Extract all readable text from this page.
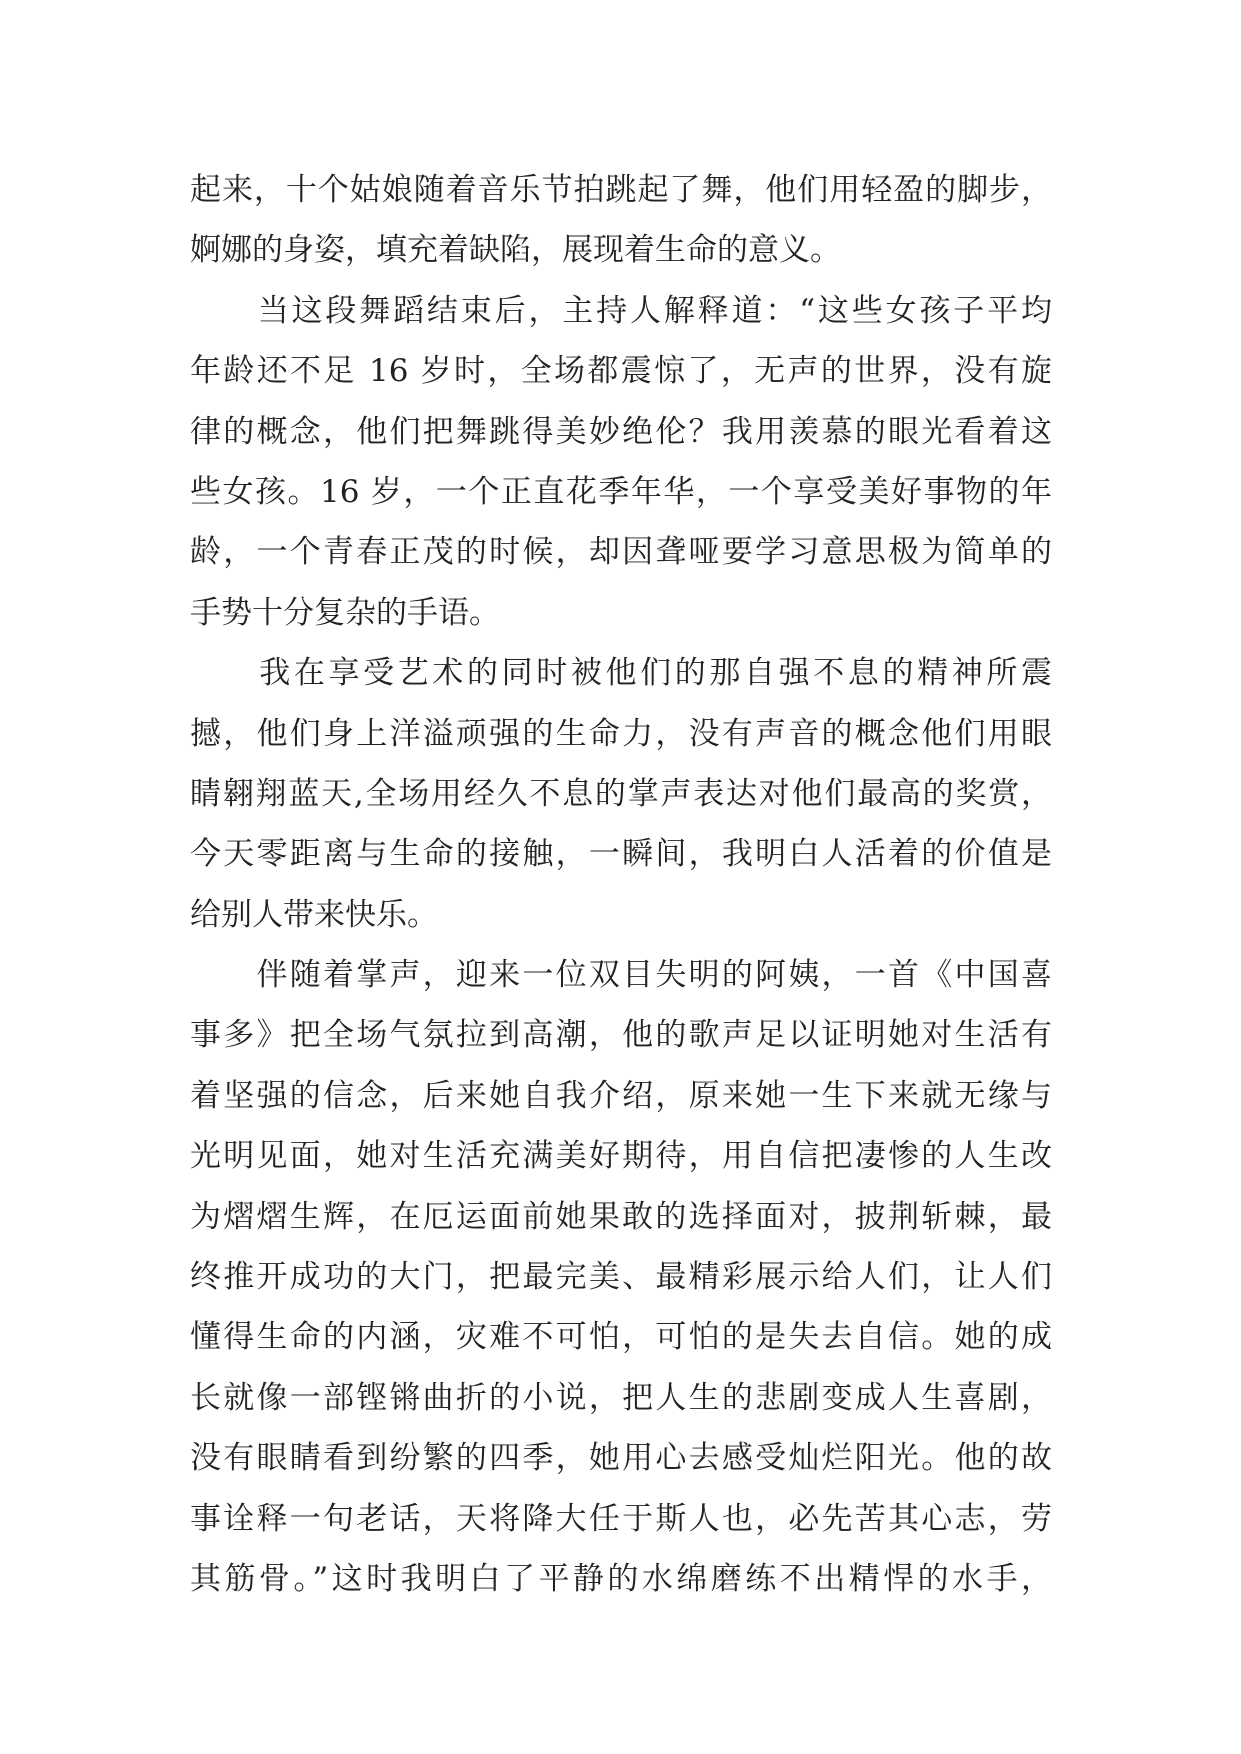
起来，十个姑娘随着音乐节拍跳起了舞，他们用轻盈的脚步，
婀娜的身姿，填充着缺陷，展现着生命的意义。
　　当这段舞蹈结束后，主持人解释道：“这些女孩子平均
年龄还不足 16 岁时，全场都震惊了，无声的世界，没有旋
律的概念，他们把舞跳得美妙绝伦？我用羡慕的眼光看着这
些女孩。16 岁，一个正直花季年华，一个享受美好事物的年
龄，一个青春正茂的时候，却因聋哑要学习意思极为简单的
手势十分复杂的手语。
　　我在享受艺术的同时被他们的那自强不息的精神所震
撼，他们身上洋溢顽强的生命力，没有声音的概念他们用眼
睛翱翔蓝天,全场用经久不息的掌声表达对他们最高的奖赏，
今天零距离与生命的接触，一瞬间，我明白人活着的价值是
给别人带来快乐。
　　伴随着掌声，迎来一位双目失明的阿姨，一首《中国喜
事多》把全场气氛拉到高潮，他的歌声足以证明她对生活有
着坚强的信念，后来她自我介绍，原来她一生下来就无缘与
光明见面，她对生活充满美好期待，用自信把凄惨的人生改
为熠熠生辉，在厄运面前她果敢的选择面对，披荆斩棘，最
终推开成功的大门，把最完美、最精彩展示给人们，让人们
懂得生命的内涵，灾难不可怕，可怕的是失去自信。她的成
长就像一部铿锵曲折的小说，把人生的悲剧变成人生喜剧，
没有眼睛看到纷繁的四季，她用心去感受灿烂阳光。他的故
事诠释一句老话，天将降大任于斯人也，必先苦其心志，劳
其筋骨。”这时我明白了平静的水绵磨练不出精悍的水手，
